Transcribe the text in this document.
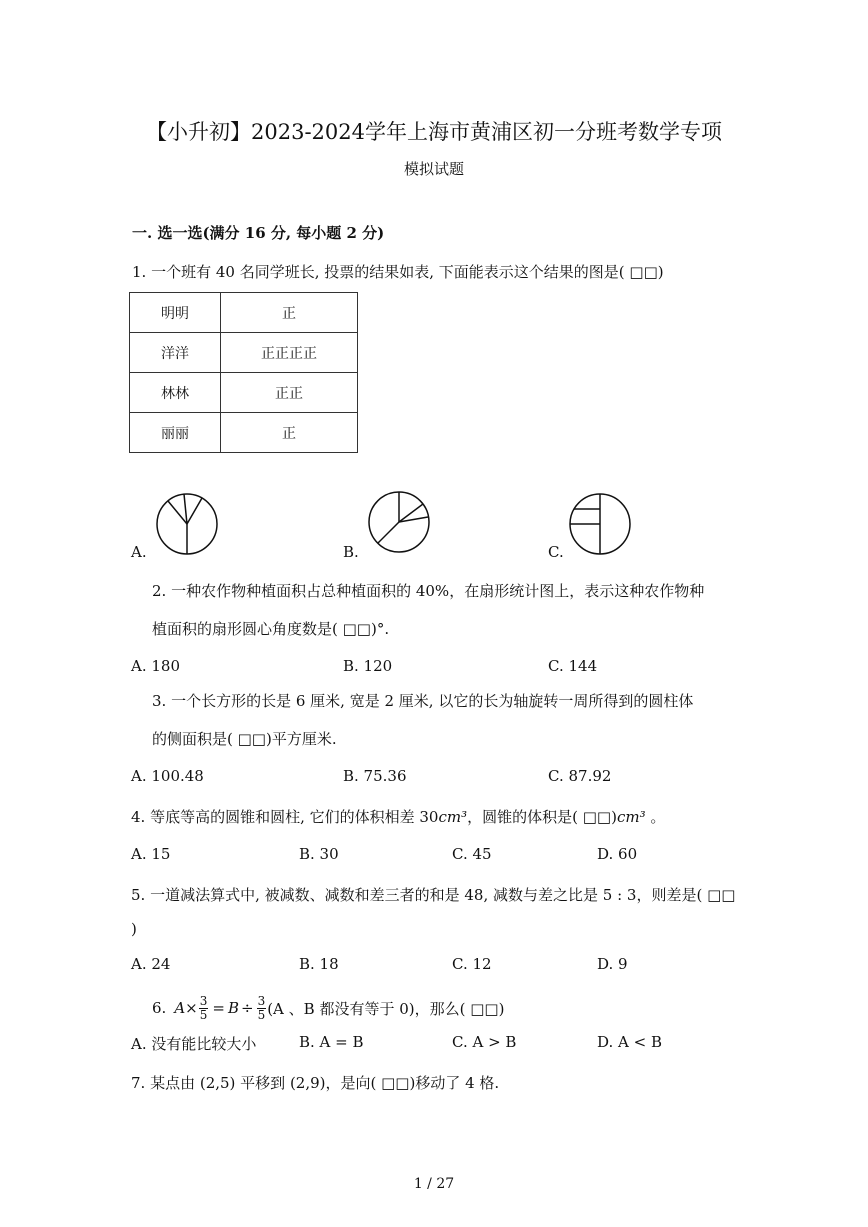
【小升初】2023-2024学年上海市黄浦区初一分班考数学专项
模拟试题
一. 选一选(满分 16 分, 每小题 2 分)
1. 一个班有 40 名同学班长, 投票的结果如表, 下面能表示这个结果的图是( □□)
明明	正
洋洋	正正正正
林林	正正
丽丽	正
A.	B.	C.
2. 一种农作物种植面积占总种植面积的 40%，在扇形统计图上，表示这种农作物种
植面积的扇形圆心角度数是( □□)°.
A. 180	B. 120	C. 144
3. 一个长方形的长是 6 厘米, 宽是 2 厘米, 以它的长为轴旋转一周所得到的圆柱体
的侧面积是( □□)平方厘米.
A. 100.48	B. 75.36	C. 87.92
4. 等底等高的圆锥和圆柱, 它们的体积相差 30cm³，圆锥的体积是( □□)cm³ 。
A. 15	B. 30	C. 45	D. 60
5. 一道减法算式中, 被减数、减数和差三者的和是 48, 减数与差之比是 5 : 3，则差是( □□
)
A. 24	B. 18	C. 12	D. 9
6. $A \times \frac{3}{5} = B \div \frac{3}{5} (A$ 、B 都没有等于 0)，那么( □□)
A. 没有能比较大小	B. A = B	C. A > B	D. A < B
7. 某点由 (2,5) 平移到 (2,9)，是向( □□)移动了 4 格.
1 / 27
